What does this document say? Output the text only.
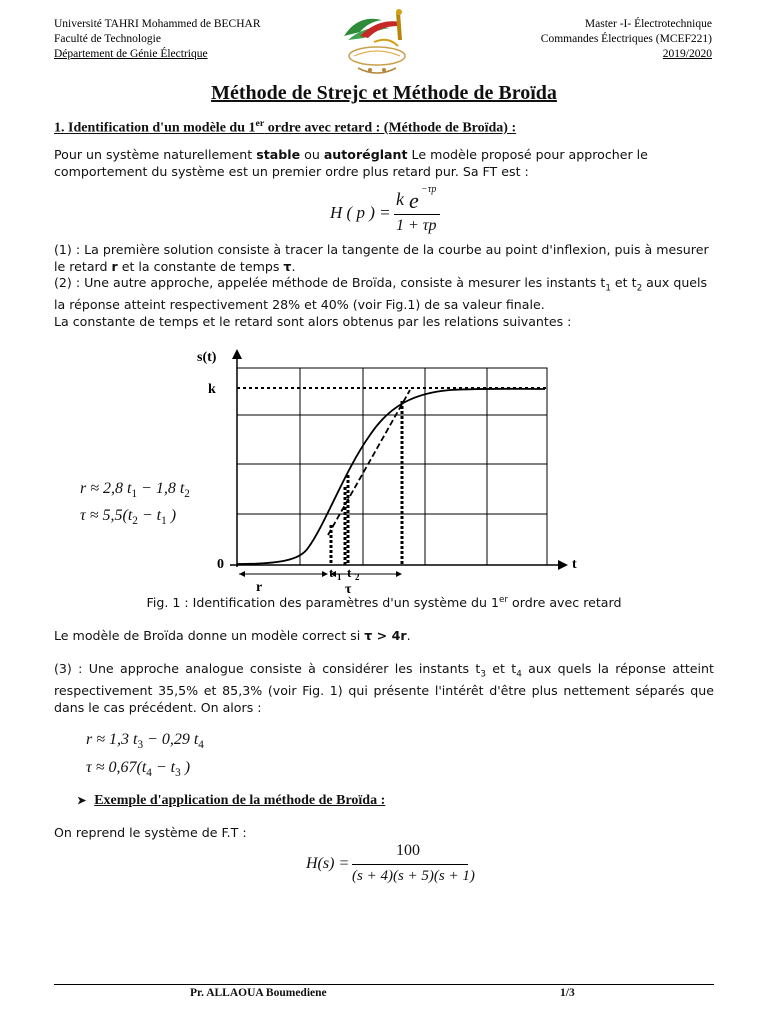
Université TAHRI Mohammed de BECHAR
Faculté de Technologie
Département de Génie Électrique
Master -I- Électrotechnique
Commandes Électriques (MCEF221)
2019/2020
Méthode de Strejc et Méthode de Broïda
1. Identification d'un modèle du 1er ordre avec retard : (Méthode de Broïda) :
Pour un système naturellement stable ou autoréglant Le modèle proposé pour approcher le comportement du système est un premier ordre plus retard pur. Sa FT est :
H ( p ) =
k e −τp
1 + τp
(1) : La première solution consiste à tracer la tangente de la courbe au point d'inflexion, puis à mesurer le retard r et la constante de temps τ.
(2) : Une autre approche, appelée méthode de Broïda, consiste à mesurer les instants $t_1$ et $t_2$ aux quels la réponse atteint respectivement 28% et 40% (voir Fig.1) de sa valeur finale.
La constante de temps et le retard sont alors obtenus par les relations suivantes :
s(t)
k
0	t
t 1 t 2
r	τ
r ≈ 2,8 $t_1 - 1,8$ $t_2$
$\tau \approx 5,5(t_2 - t_1$ )
Fig. 1 : Identification des paramètres d'un système du 1er ordre avec retard
Le modèle de Broïda donne un modèle correct si τ > 4r.
(3) : Une approche analogue consiste à considérer les instants $t_3$ et $t_4$ aux quels la réponse atteint respectivement 35,5% et 85,3% (voir Fig. 1) qui présente l'intérêt d'être plus nettement séparés que dans le cas précédent. On alors :
r ≈ 1,3 $t_3 - 0,29$ $t_4$
$\tau \approx 0,67(t_4 - t_3$ )
➤ Exemple d'application de la méthode de Broïda :
On reprend le système de F.T :
H(s) =
100
(s + 4)(s + 5)(s + 1)
Pr. ALLAOUA Boumediene	1/3
